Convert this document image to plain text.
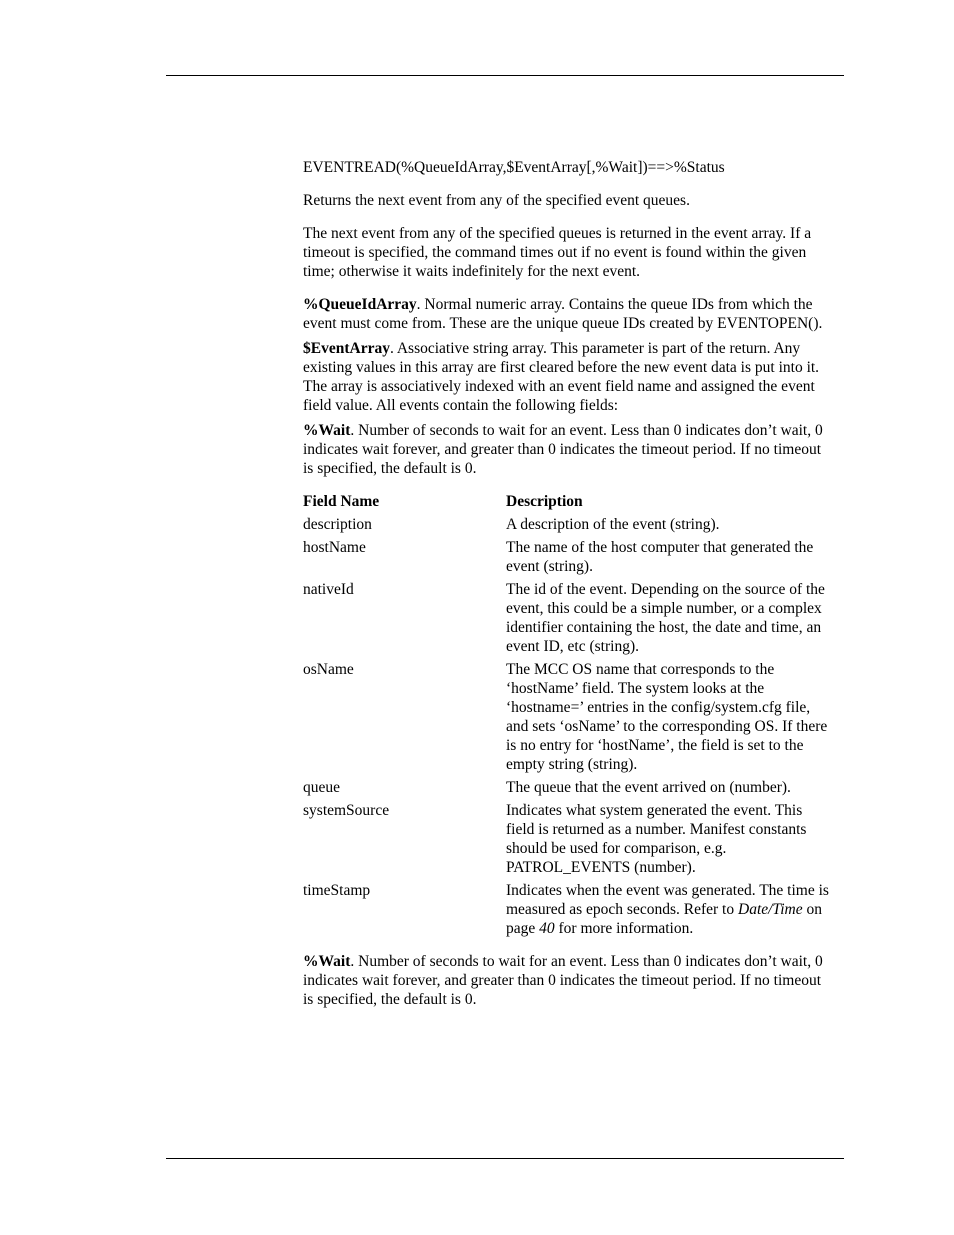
EVENTREAD(%QueueIdArray,$EventArray[,%Wait])==>%Status
Returns the next event from any of the specified event queues.
The next event from any of the specified queues is returned in the event array. If a timeout is specified, the command times out if no event is found within the given time; otherwise it waits indefinitely for the next event.
%QueueIdArray. Normal numeric array. Contains the queue IDs from which the event must come from. These are the unique queue IDs created by EVENTOPEN().
$EventArray. Associative string array. This parameter is part of the return. Any existing values in this array are first cleared before the new event data is put into it. The array is associatively indexed with an event field name and assigned the event field value. All events contain the following fields:
%Wait. Number of seconds to wait for an event. Less than 0 indicates don’t wait, 0 indicates wait forever, and greater than 0 indicates the timeout period. If no timeout is specified, the default is 0.
Field Name	Description
description	A description of the event (string).
hostName	The name of the host computer that generated the event (string).
nativeId	The id of the event. Depending on the source of the event, this could be a simple number, or a complex identifier containing the host, the date and time, an event ID, etc (string).
osName	The MCC OS name that corresponds to the ‘hostName’ field. The system looks at the ‘hostname=’ entries in the config/system.cfg file, and sets ‘osName’ to the corresponding OS. If there is no entry for ‘hostName’, the field is set to the empty string (string).
queue	The queue that the event arrived on (number).
systemSource	Indicates what system generated the event. This field is returned as a number. Manifest constants should be used for comparison, e.g. PATROL_EVENTS (number).
timeStamp	Indicates when the event was generated. The time is measured as epoch seconds. Refer to Date/Time on page 40 for more information.
%Wait. Number of seconds to wait for an event. Less than 0 indicates don’t wait, 0 indicates wait forever, and greater than 0 indicates the timeout period. If no timeout is specified, the default is 0.
